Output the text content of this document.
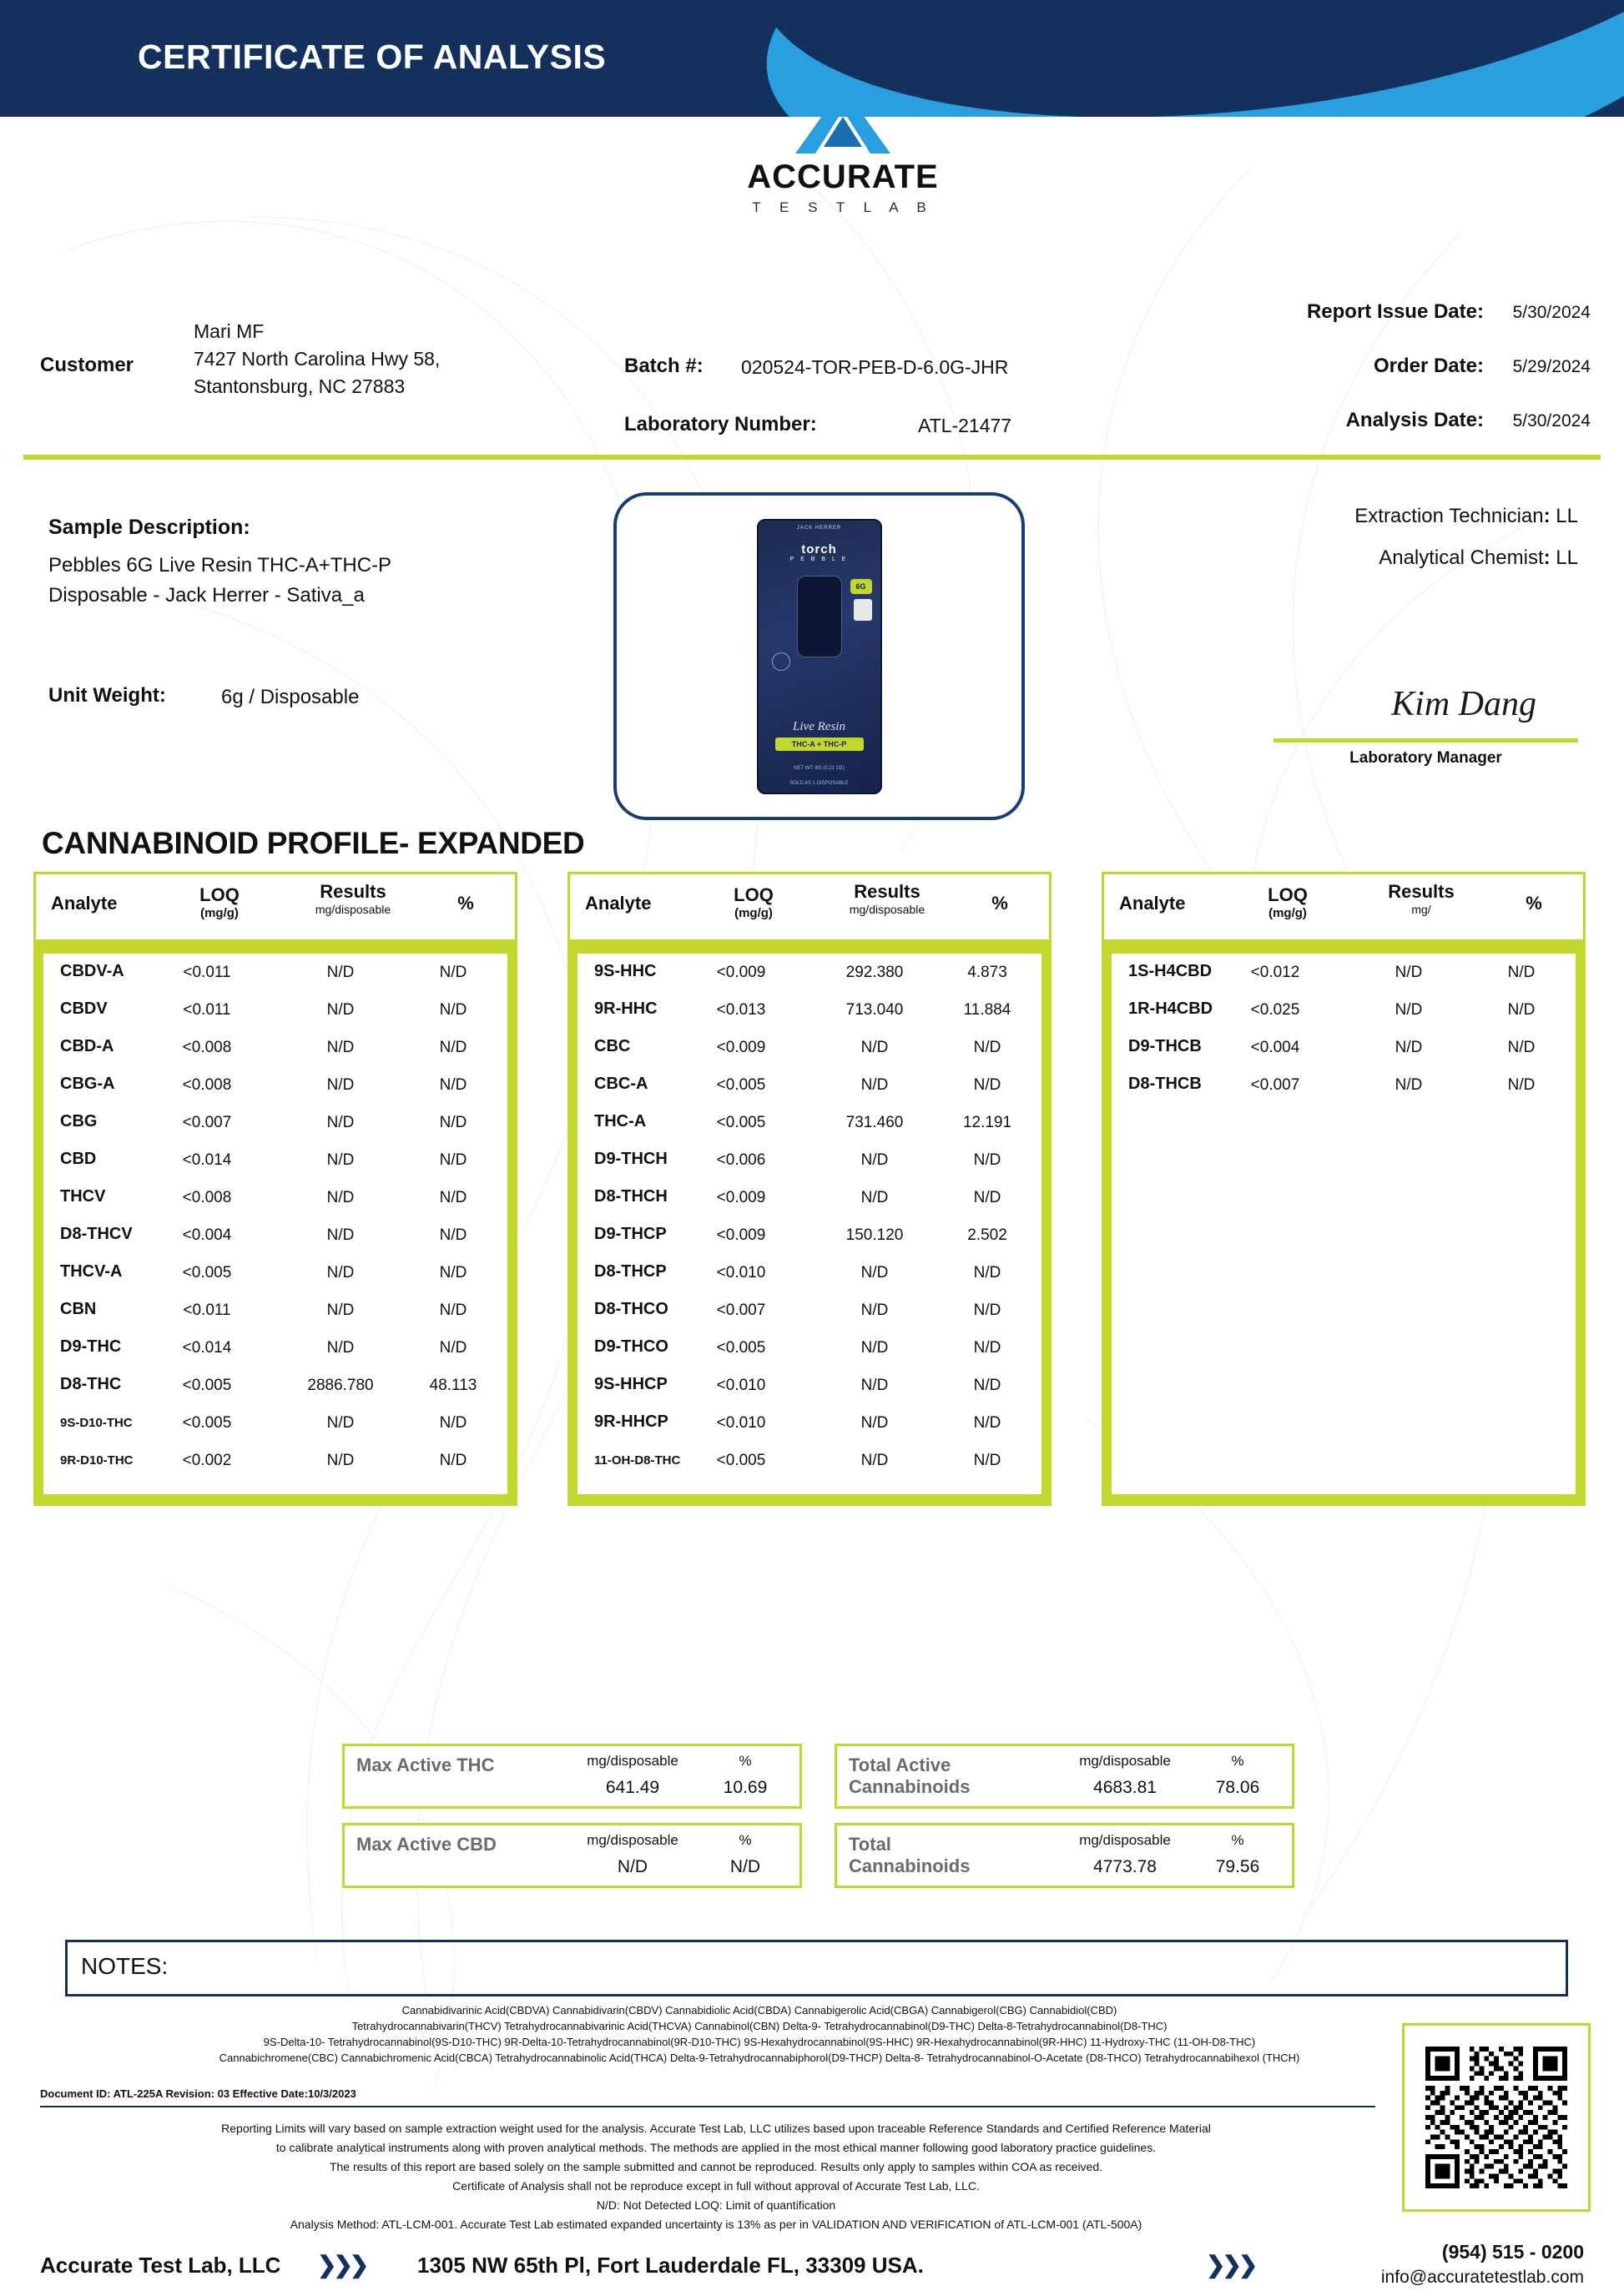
CERTIFICATE OF ANALYSIS
ACCURATE
T E S T L A B
Customer
Mari MF
7427 North Carolina Hwy 58,
Stantonsburg, NC 27883
Batch #: 020524-TOR-PEB-D-6.0G-JHR
Laboratory Number:	ATL-21477
Report Issue Date: 5/30/2024
Order Date: 5/29/2024
Analysis Date: 5/30/2024
Sample Description:
Pebbles 6G Live Resin THC-A+THC-P
Disposable - Jack Herrer - Sativa_a
Unit Weight:	6g / Disposable
JACK HERRER
torch
P E B B L E
6G
Live Resin
THC-A + THC-P
NET WT: 6G (0.21 OZ)
SOLD AS 1 DISPOSABLE
Extraction Technician: LL
Analytical Chemist: LL
Kim Dang
Laboratory Manager
CANNABINOID PROFILE- EXPANDED
Analyte	LOQ
(mg/g)
Results
mg/disposable	%
CBDV-A	<0.011	N/D	N/D
CBDV	<0.011	N/D	N/D
CBD-A	<0.008	N/D	N/D
CBG-A	<0.008	N/D	N/D
CBG	<0.007	N/D	N/D
CBD	<0.014	N/D	N/D
THCV	<0.008	N/D	N/D
D8-THCV	<0.004	N/D	N/D
THCV-A	<0.005	N/D	N/D
CBN	<0.011	N/D	N/D
D9-THC	<0.014	N/D	N/D
D8-THC	<0.005	2886.780	48.113
9S-D10-THC	<0.005	N/D	N/D
9R-D10-THC	<0.002	N/D	N/D
Analyte	LOQ
(mg/g)
Results
mg/disposable	%
9S-HHC	<0.009	292.380	4.873
9R-HHC	<0.013	713.040	11.884
CBC	<0.009	N/D	N/D
CBC-A	<0.005	N/D	N/D
THC-A	<0.005	731.460	12.191
D9-THCH	<0.006	N/D	N/D
D8-THCH	<0.009	N/D	N/D
D9-THCP	<0.009	150.120	2.502
D8-THCP	<0.010	N/D	N/D
D8-THCO	<0.007	N/D	N/D
D9-THCO	<0.005	N/D	N/D
9S-HHCP	<0.010	N/D	N/D
9R-HHCP	<0.010	N/D	N/D
11-OH-D8-THC	<0.005	N/D	N/D
Analyte	LOQ
(mg/g)
Results
mg/	%
1S-H4CBD	<0.012	N/D	N/D
1R-H4CBD	<0.025	N/D	N/D
D9-THCB	<0.004	N/D	N/D
D8-THCB	<0.007	N/D	N/D
Max Active THC	mg/disposable	%
641.49	10.69
Max Active CBD	mg/disposable	%
N/D	N/D
Total Active
Cannabinoids
mg/disposable	%
4683.81	78.06
Total
Cannabinoids
mg/disposable	%
4773.78	79.56
NOTES:
Cannabidivarinic Acid(CBDVA) Cannabidivarin(CBDV) Cannabidiolic Acid(CBDA) Cannabigerolic Acid(CBGA) Cannabigerol(CBG) Cannabidiol(CBD)
Tetrahydrocannabivarin(THCV) Tetrahydrocannabivarinic Acid(THCVA) Cannabinol(CBN) Delta-9- Tetrahydrocannabinol(D9-THC) Delta-8-Tetrahydrocannabinol(D8-THC)
9S-Delta-10- Tetrahydrocannabinol(9S-D10-THC) 9R-Delta-10-Tetrahydrocannabinol(9R-D10-THC) 9S-Hexahydrocannabinol(9S-HHC) 9R-Hexahydrocannabinol(9R-HHC) 11-Hydroxy-THC (11-OH-D8-THC)
Cannabichromene(CBC) Cannabichromenic Acid(CBCA) Tetrahydrocannabinolic Acid(THCA) Delta-9-Tetrahydrocannabiphorol(D9-THCP) Delta-8- Tetrahydrocannabinol-O-Acetate (D8-THCO) Tetrahydrocannabihexol (THCH)
Document ID: ATL-225A Revision: 03 Effective Date:10/3/2023
Reporting Limits will vary based on sample extraction weight used for the analysis. Accurate Test Lab, LLC utilizes based upon traceable Reference Standards and Certified Reference Material
to calibrate analytical instruments along with proven analytical methods. The methods are applied in the most ethical manner following good laboratory practice guidelines.
The results of this report are based solely on the sample submitted and cannot be reproduced. Results only apply to samples within COA as received.
Certificate of Analysis shall not be reproduce except in full without approval of Accurate Test Lab, LLC.
N/D: Not Detected LOQ: Limit of quantification
Analysis Method: ATL-LCM-001. Accurate Test Lab estimated expanded uncertainty is 13% as per in VALIDATION AND VERIFICATION of ATL-LCM-001 (ATL-500A)
Accurate Test Lab, LLC ❯❯❯ 1305 NW 65th Pl, Fort Lauderdale FL, 33309 USA.	❯❯❯	(954) 515 - 0200
info@accuratetestlab.com
